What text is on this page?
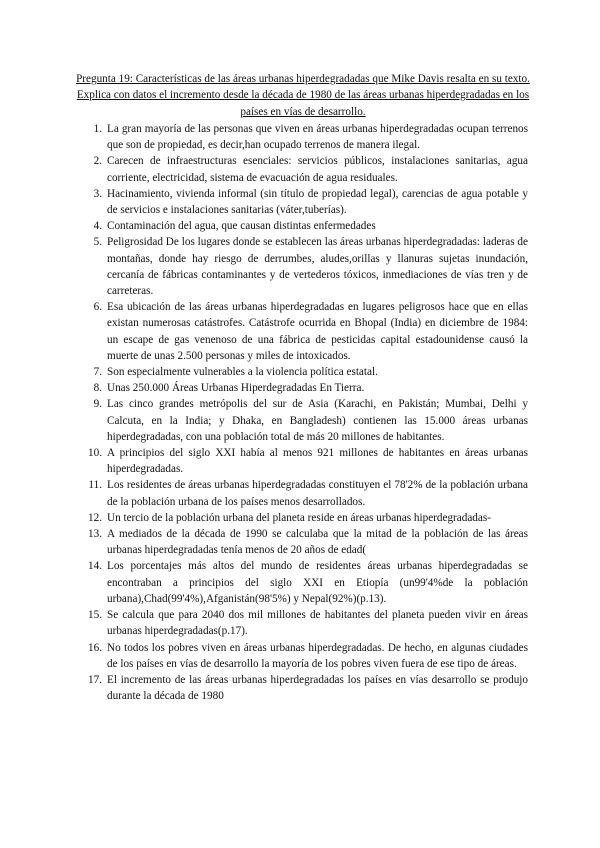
Pregunta 19: Características de las áreas urbanas hiperdegradadas que Mike Davis resalta en su texto. Explica con datos el incremento desde la década de 1980 de las áreas urbanas hiperdegradadas en los países en vías de desarrollo.

1. La gran mayoría de las personas que viven en áreas urbanas hiperdegradadas ocupan terrenos que son de propiedad, es decir,han ocupado terrenos de manera ilegal.
2. Carecen de infraestructuras esenciales: servicios públicos, instalaciones sanitarias, agua corriente, electricidad, sistema de evacuación de agua residuales.
3. Hacinamiento, vivienda informal (sin título de propiedad legal), carencias de agua potable y de servicios e instalaciones sanitarias (váter,tuberías).
4. Contaminación del agua, que causan distintas enfermedades
5. Peligrosidad De los lugares donde se establecen las áreas urbanas hiperdegradadas: laderas de montañas, donde hay riesgo de derrumbes, aludes,orillas y llanuras sujetas inundación, cercanía de fábricas contaminantes y de vertederos tóxicos, inmediaciones de vías tren y de carreteras.
6. Esa ubicación de las áreas urbanas hiperdegradadas en lugares peligrosos hace que en ellas existan numerosas catástrofes. Catástrofe ocurrida en Bhopal (India) en diciembre de 1984: un escape de gas venenoso de una fábrica de pesticidas capital estadounidense causó la muerte de unas 2.500 personas y miles de intoxicados.
7. Son especialmente vulnerables a la violencia política estatal.
8. Unas 250.000 Áreas Urbanas Hiperdegradadas En Tierra.
9. Las cinco grandes metrópolis del sur de Asia (Karachi, en Pakistán; Mumbai, Delhi y Calcuta, en la India; y Dhaka, en Bangladesh) contienen las 15.000 áreas urbanas hiperdegradadas, con una población total de más 20 millones de habitantes.
10. A principios del siglo XXI había al menos 921 millones de habitantes en áreas urbanas hiperdegradadas.
11. Los residentes de áreas urbanas hiperdegradadas constituyen el 78'2% de la población urbana de la población urbana de los países menos desarrollados.
12. Un tercio de la población urbana del planeta reside en áreas urbanas hiperdegradadas-
13. A mediados de la década de 1990 se calculaba que la mitad de la población de las áreas urbanas hiperdegradadas tenía menos de 20 años de edad(
14. Los porcentajes más altos del mundo de residentes áreas urbanas hiperdegradadas se encontraban a principios del siglo XXI en Etiopía (un99'4%de la población urbana),Chad(99'4%),Afganistán(98'5%) y Nepal(92%)(p.13).
15. Se calcula que para 2040 dos mil millones de habitantes del planeta pueden vivir en áreas urbanas hiperdegradadas(p.17).
16. No todos los pobres viven en áreas urbanas hiperdegradadas. De hecho, en algunas ciudades de los países en vías de desarrollo la mayoría de los pobres viven fuera de ese tipo de áreas.
17. El incremento de las áreas urbanas hiperdegradadas los países en vías desarrollo se produjo durante la década de 1980
